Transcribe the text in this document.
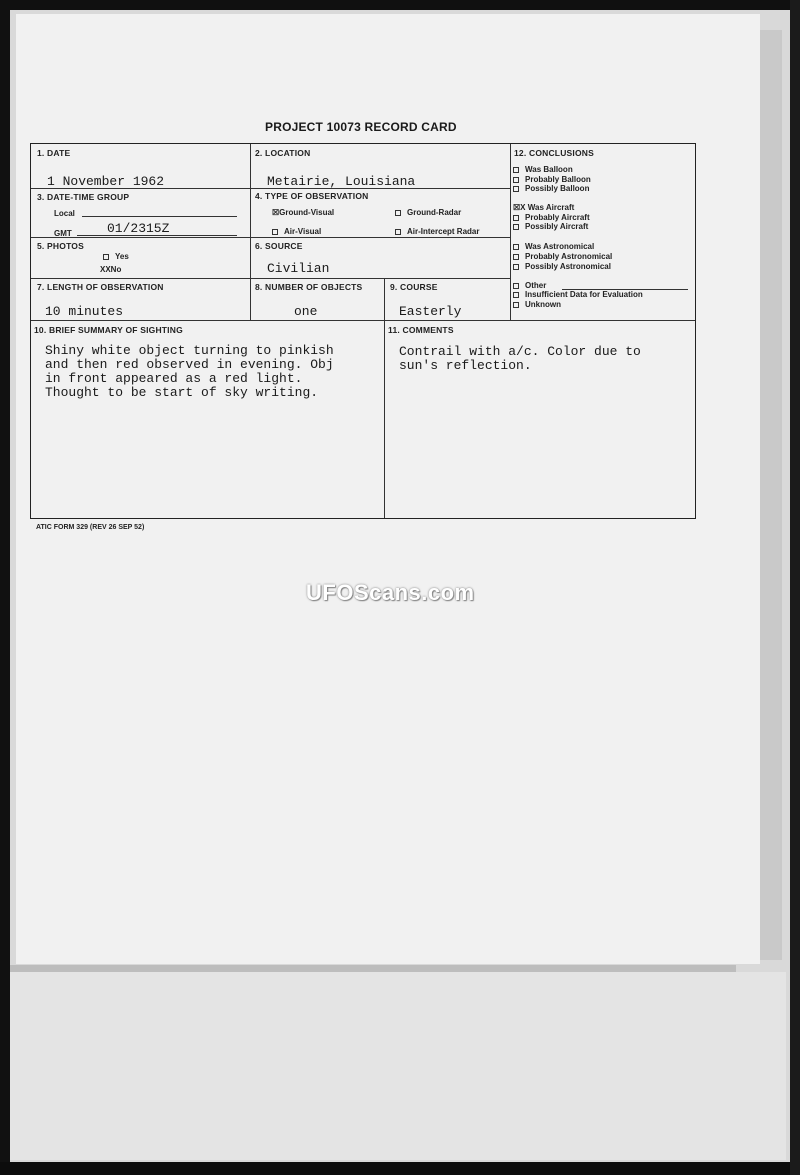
PROJECT 10073 RECORD CARD
1. DATE
1 November 1962
2. LOCATION
Metairie, Louisiana
3. DATE-TIME GROUP
Local
GMT	01/2315Z
4. TYPE OF OBSERVATION
☒Ground-Visual	Ground-Radar
Air-Visual	Air-Intercept Radar
5. PHOTOS
Yes
XXNo
6. SOURCE
Civilian
7. LENGTH OF OBSERVATION
10 minutes
8. NUMBER OF OBJECTS
one
9. COURSE
Easterly
10. BRIEF SUMMARY OF SIGHTING
Shiny white object turning to pinkish
and then red observed in evening. Obj
in front appeared as a red light.
Thought to be start of sky writing.
11. COMMENTS
Contrail with a/c. Color due to
sun's reflection.
12. CONCLUSIONS
Was Balloon
Probably Balloon
Possibly Balloon
☒X Was Aircraft
Probably Aircraft
Possibly Aircraft
Was Astronomical
Probably Astronomical
Possibly Astronomical
Other
Insufficient Data for Evaluation
Unknown
ATIC FORM 329 (REV 26 SEP 52)
UFOScans.com
